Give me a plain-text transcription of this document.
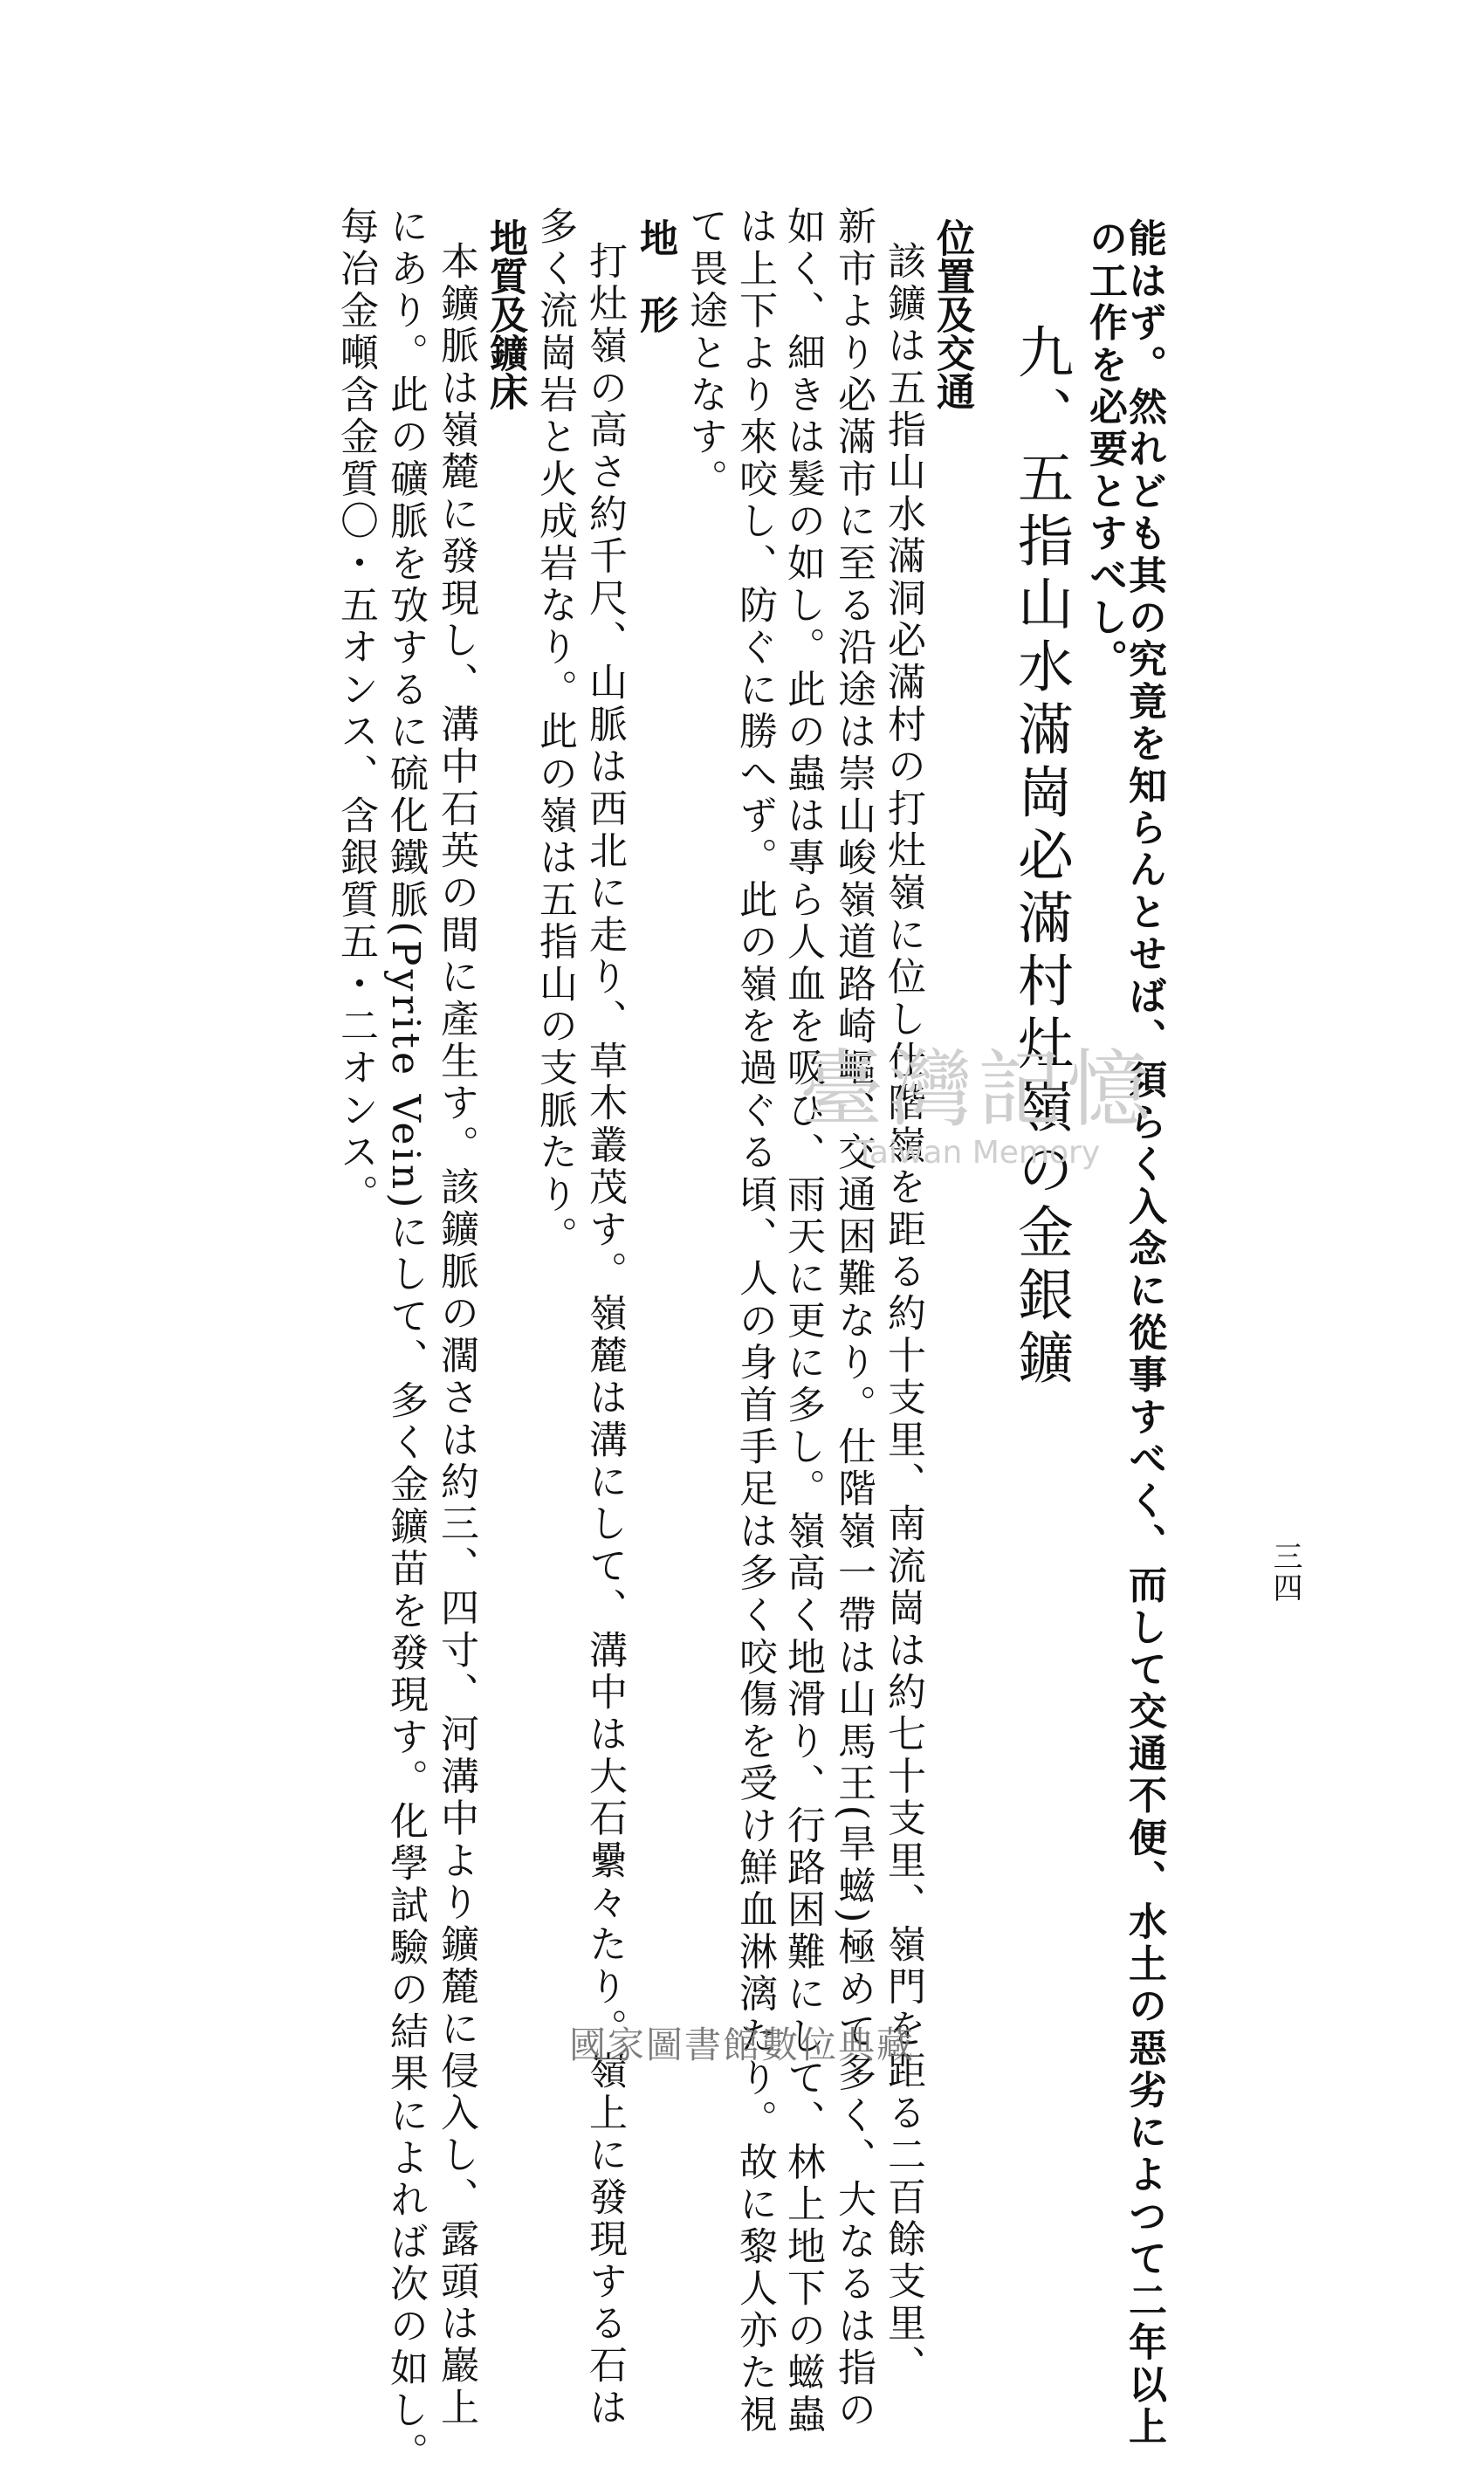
三四
能はず。然れども其の究竟を知らんとせば、須らく入念に從事すべく、而して交通不便、水土の惡劣によつて二年以上
の工作を必要とすべし。
九、五指山水滿崗必滿村灶嶺の金銀鑛
位置及交通
該鑛は五指山水滿洞必滿村の打灶嶺に位し仕階嶺を距る約十支里、南流崗は約七十支里、嶺門を距る二百餘支里、
新市より必滿市に至る沿途は崇山峻嶺道路崎嶇、交通困難なり。仕階嶺一帶は山馬王(旱螆)極めて多く、大なるは指の
如く、細きは髮の如し。此の蟲は專ら人血を吸ひ、雨天に更に多し。嶺高く地滑り、行路困難にして、林上地下の螆蟲
は上下より來咬し、防ぐに勝へず。此の嶺を過ぐる頃、人の身首手足は多く咬傷を受け鮮血淋漓たり。故に黎人亦た視
て畏途となす。
地　形
打灶嶺の高さ約千尺、山脈は西北に走り、草木叢茂す。嶺麓は溝にして、溝中は大石纍々たり。嶺上に發現する石は
多く流崗岩と火成岩なり。此の嶺は五指山の支脈たり。
地質及鑛床
本鑛脈は嶺麓に發現し、溝中石英の間に產生す。該鑛脈の濶さは約三、四寸、河溝中より鑛麓に侵入し、露頭は巖上
にあり。此の礦脈を攷するに硫化鐵脈(Pyrite Vein)にして、多く金鑛苗を發現す。化學試驗の結果によれば次の如し。
每冶金噸含金質〇・五オンス、含銀質五・二オンス。	臺灣記憶
Taiwan Memory
國家圖書館數位典藏
